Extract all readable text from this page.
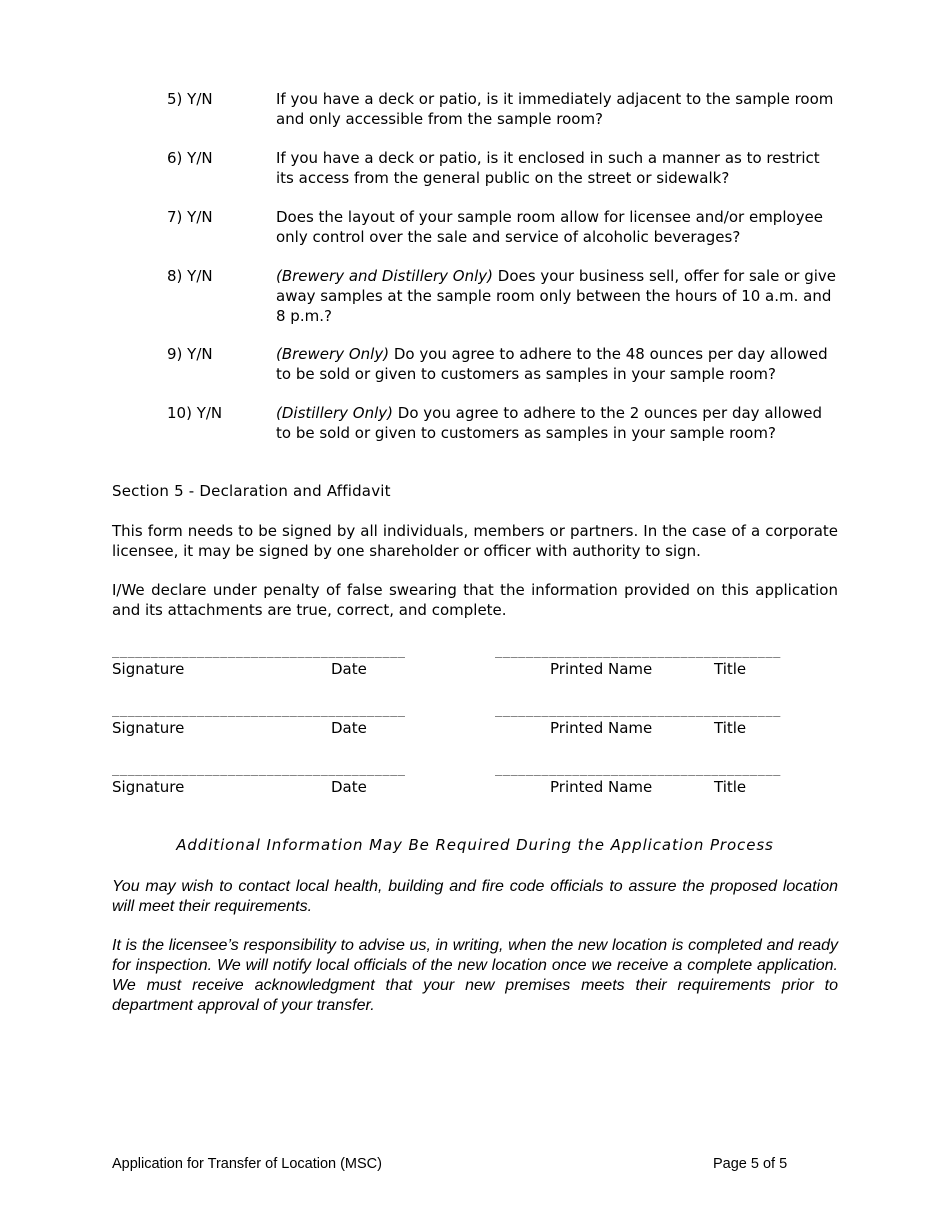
5) Y/N	If you have a deck or patio, is it immediately adjacent to the sample room and only accessible from the sample room?
6) Y/N	If you have a deck or patio, is it enclosed in such a manner as to restrict its access from the general public on the street or sidewalk?
7) Y/N	Does the layout of your sample room allow for licensee and/or employee only control over the sale and service of alcoholic beverages?
8) Y/N	(Brewery and Distillery Only) Does your business sell, offer for sale or give away samples at the sample room only between the hours of 10 a.m. and 8 p.m.?
9) Y/N	(Brewery Only) Do you agree to adhere to the 48 ounces per day allowed to be sold or given to customers as samples in your sample room?
10) Y/N	(Distillery Only) Do you agree to adhere to the 2 ounces per day allowed to be sold or given to customers as samples in your sample room?
Section 5 - Declaration and Affidavit
This form needs to be signed by all individuals, members or partners. In the case of a corporate licensee, it may be signed by one shareholder or officer with authority to sign.
I/We declare under penalty of false swearing that the information provided on this application and its attachments are true, correct, and complete.
______________________________________	_____________________________________
Signature	Date	Printed Name	Title
______________________________________	_____________________________________
Signature	Date	Printed Name	Title
______________________________________	_____________________________________
Signature	Date	Printed Name	Title
Additional Information May Be Required During the Application Process
You may wish to contact local health, building and fire code officials to assure the proposed location will meet their requirements.
It is the licensee’s responsibility to advise us, in writing, when the new location is completed and ready for inspection. We will notify local officials of the new location once we receive a complete application. We must receive acknowledgment that your new premises meets their requirements prior to department approval of your transfer.
Application for Transfer of Location (MSC)	Page 5 of 5
